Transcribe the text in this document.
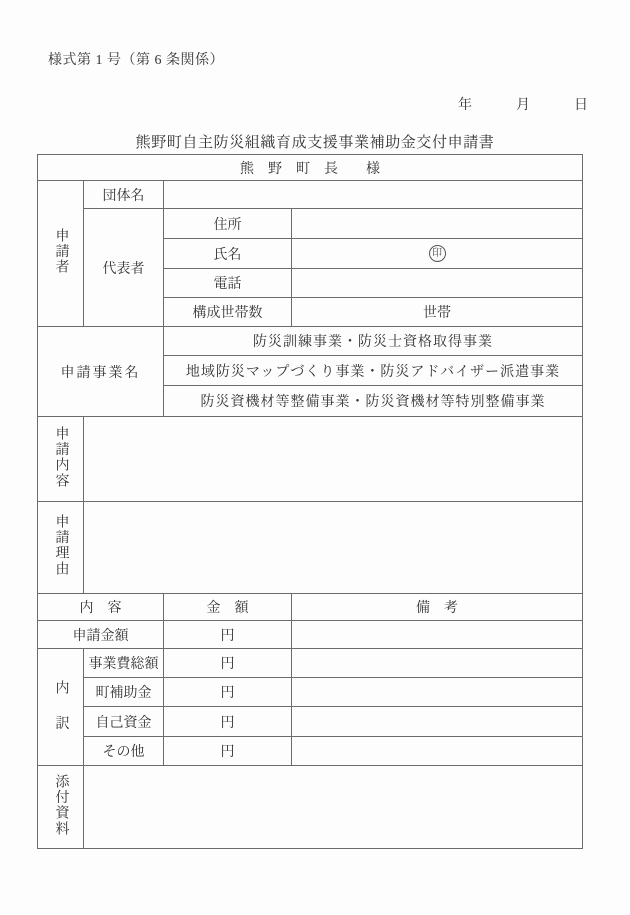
様式第 1 号（第 6 条関係）
年	月	日
熊野町自主防災組織育成支援事業補助金交付申請書
熊　野　町　長　　様			
申請者	団体名		
	代表者	住所	
		氏名	印
		電話	
		構成世帯数	世帯
申請事業名		防災訓練事業・防災士資格取得事業	
		地域防災マップづくり事業・防災アドバイザー派遣事業	
		防災資機材等整備事業・防災資機材等特別整備事業	
申請内容			
申請理由			
内　容		金　額	備　考
申請金額		円	
内訳	事業費総額	円	
	町補助金	円	
	自己資金	円	
	その他	円	
添付資料			
